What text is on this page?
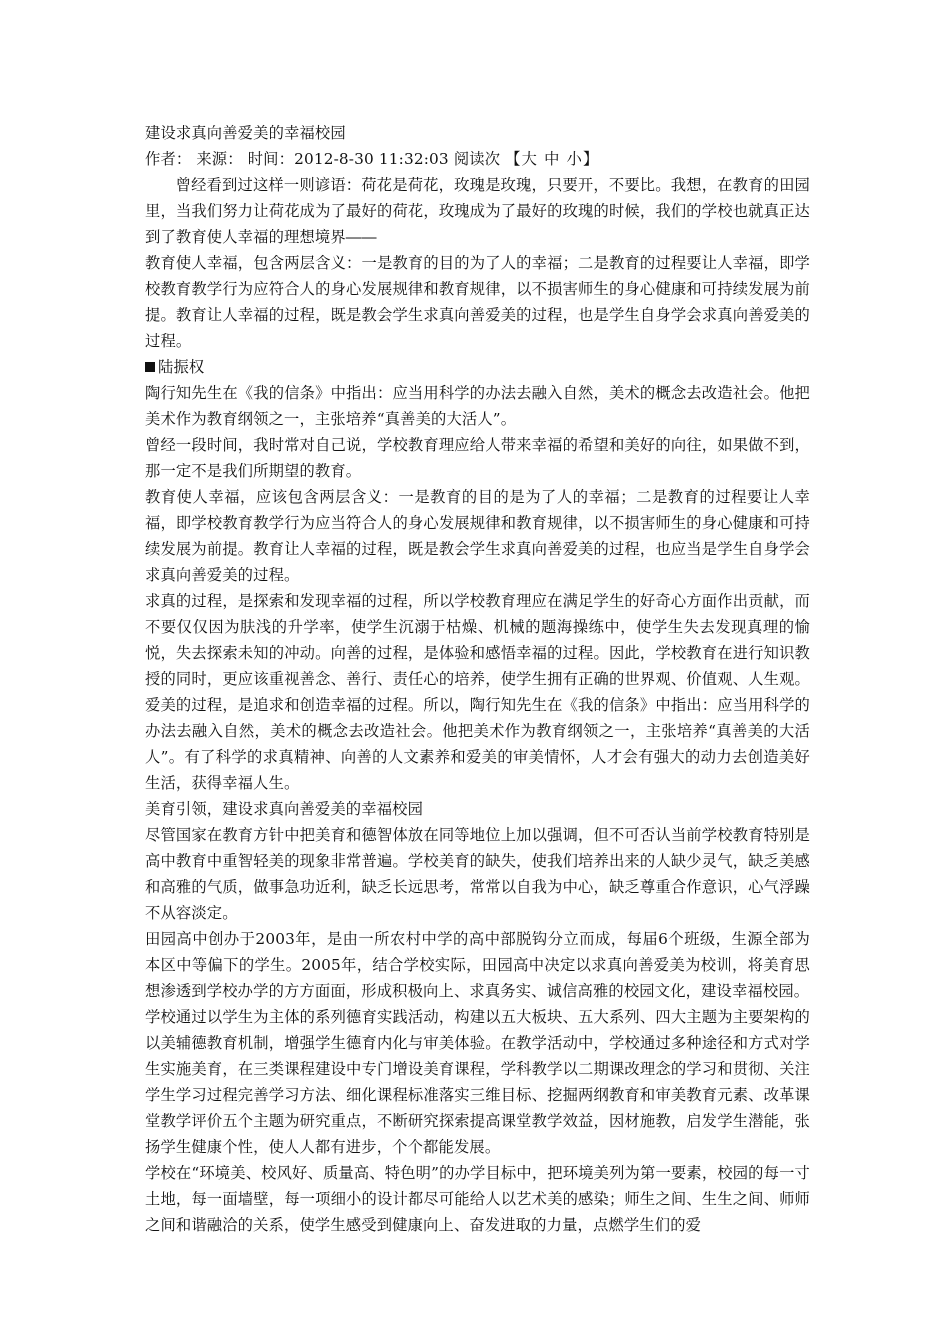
建设求真向善爱美的幸福校园

作者： 来源： 时间：2012-8-30 11:32:03 阅读次 【大 中 小】

曾经看到过这样一则谚语：荷花是荷花，玫瑰是玫瑰，只要开，不要比。我想，在教育的田园里，当我们努力让荷花成为了最好的荷花，玫瑰成为了最好的玫瑰的时候，我们的学校也就真正达到了教育使人幸福的理想境界――

教育使人幸福，包含两层含义：一是教育的目的为了人的幸福；二是教育的过程要让人幸福，即学校教育教学行为应符合人的身心发展规律和教育规律，以不损害师生的身心健康和可持续发展为前提。教育让人幸福的过程，既是教会学生求真向善爱美的过程，也是学生自身学会求真向善爱美的过程。

陆振权

陶行知先生在《我的信条》中指出：应当用科学的办法去融入自然，美术的概念去改造社会。他把美术作为教育纲领之一，主张培养“真善美的大活人”。

曾经一段时间，我时常对自己说，学校教育理应给人带来幸福的希望和美好的向往，如果做不到，那一定不是我们所期望的教育。

教育使人幸福，应该包含两层含义：一是教育的目的是为了人的幸福；二是教育的过程要让人幸福，即学校教育教学行为应当符合人的身心发展规律和教育规律，以不损害师生的身心健康和可持续发展为前提。教育让人幸福的过程，既是教会学生求真向善爱美的过程，也应当是学生自身学会求真向善爱美的过程。

求真的过程，是探索和发现幸福的过程，所以学校教育理应在满足学生的好奇心方面作出贡献，而不要仅仅因为肤浅的升学率，使学生沉溺于枯燥、机械的题海操练中，使学生失去发现真理的愉悦，失去探索未知的冲动。向善的过程，是体验和感悟幸福的过程。因此，学校教育在进行知识教授的同时，更应该重视善念、善行、责任心的培养，使学生拥有正确的世界观、价值观、人生观。爱美的过程，是追求和创造幸福的过程。所以，陶行知先生在《我的信条》中指出：应当用科学的办法去融入自然，美术的概念去改造社会。他把美术作为教育纲领之一，主张培养“真善美的大活人”。有了科学的求真精神、向善的人文素养和爱美的审美情怀，人才会有强大的动力去创造美好生活，获得幸福人生。

美育引领，建设求真向善爱美的幸福校园

尽管国家在教育方针中把美育和德智体放在同等地位上加以强调，但不可否认当前学校教育特别是高中教育中重智轻美的现象非常普遍。学校美育的缺失，使我们培养出来的人缺少灵气，缺乏美感和高雅的气质，做事急功近利，缺乏长远思考，常常以自我为中心，缺乏尊重合作意识，心气浮躁不从容淡定。

田园高中创办于2003年，是由一所农村中学的高中部脱钩分立而成，每届6个班级，生源全部为本区中等偏下的学生。2005年，结合学校实际，田园高中决定以求真向善爱美为校训，将美育思想渗透到学校办学的方方面面，形成积极向上、求真务实、诚信高雅的校园文化，建设幸福校园。

学校通过以学生为主体的系列德育实践活动，构建以五大板块、五大系列、四大主题为主要架构的以美辅德教育机制，增强学生德育内化与审美体验。在教学活动中，学校通过多种途径和方式对学生实施美育，在三类课程建设中专门增设美育课程，学科教学以二期课改理念的学习和贯彻、关注学生学习过程完善学习方法、细化课程标准落实三维目标、挖掘两纲教育和审美教育元素、改革课堂教学评价五个主题为研究重点，不断研究探索提高课堂教学效益，因材施教，启发学生潜能，张扬学生健康个性，使人人都有进步，个个都能发展。

学校在“环境美、校风好、质量高、特色明”的办学目标中，把环境美列为第一要素，校园的每一寸土地，每一面墙壁，每一项细小的设计都尽可能给人以艺术美的感染；师生之间、生生之间、师师之间和谐融洽的关系，使学生感受到健康向上、奋发进取的力量，点燃学生们的爱
